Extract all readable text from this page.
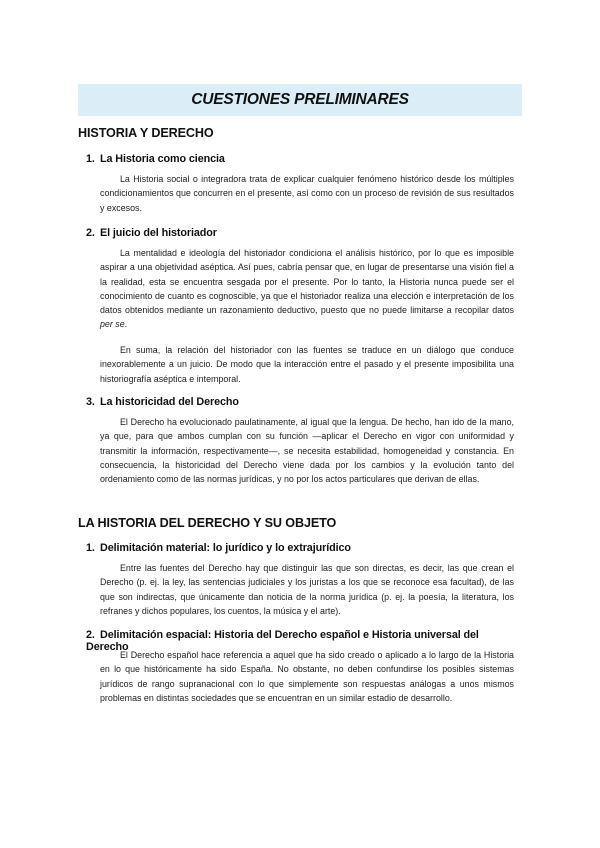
CUESTIONES PRELIMINARES
HISTORIA Y DERECHO
1. La Historia como ciencia

La Historia social o integradora trata de explicar cualquier fenómeno histórico desde los múltiples condicionamientos que concurren en el presente, así como con un proceso de revisión de sus resultados y excesos.

2. El juicio del historiador

La mentalidad e ideología del historiador condiciona el análisis histórico, por lo que es imposible aspirar a una objetividad aséptica. Así pues, cabría pensar que, en lugar de presentarse una visión fiel a la realidad, esta se encuentra sesgada por el presente. Por lo tanto, la Historia nunca puede ser el conocimiento de cuanto es cognoscible, ya que el historiador realiza una elección e interpretación de los datos obtenidos mediante un razonamiento deductivo, puesto que no puede limitarse a recopilar datos per se.

En suma, la relación del historiador con las fuentes se traduce en un diálogo que conduce inexorablemente a un juicio. De modo que la interacción entre el pasado y el presente imposibilita una historiografía aséptica e intemporal.

3. La historicidad del Derecho

El Derecho ha evolucionado paulatinamente, al igual que la lengua. De hecho, han ido de la mano, ya que, para que ambos cumplan con su función —aplicar el Derecho en vigor con uniformidad y transmitir la información, respectivamente—, se necesita estabilidad, homogeneidad y constancia. En consecuencia, la historicidad del Derecho viene dada por los cambios y la evolución tanto del ordenamiento como de las normas jurídicas, y no por los actos particulares que derivan de ellas.

LA HISTORIA DEL DERECHO Y SU OBJETO
1. Delimitación material: lo jurídico y lo extrajurídico

Entre las fuentes del Derecho hay que distinguir las que son directas, es decir, las que crean el Derecho (p. ej. la ley, las sentencias judiciales y los juristas a los que se reconoce esa facultad), de las que son indirectas, que únicamente dan noticia de la norma jurídica (p. ej. la poesía, la literatura, los refranes y dichos populares, los cuentos, la música y el arte).

2. Delimitación espacial: Historia del Derecho español e Historia universal del Derecho

El Derecho español hace referencia a aquel que ha sido creado o aplicado a lo largo de la Historia en lo que históricamente ha sido España. No obstante, no deben confundirse los posibles sistemas jurídicos de rango supranacional con lo que simplemente son respuestas análogas a unos mismos problemas en distintas sociedades que se encuentran en un similar estadio de desarrollo.
